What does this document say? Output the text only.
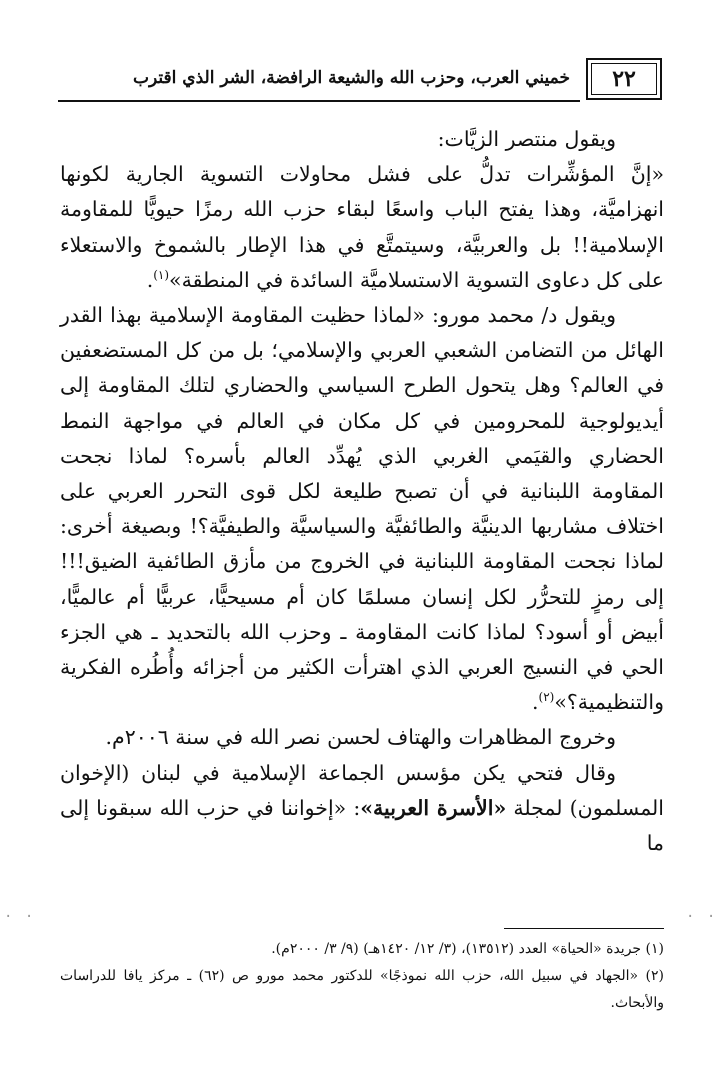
٢٢
خميني العرب، وحزب الله والشيعة الرافضة، الشر الذي اقترب

ويقول منتصر الزيَّات:

«إنَّ المؤشِّرات تدلُّ على فشل محاولات التسوية الجارية لكونها انهزاميَّة، وهذا يفتح الباب واسعًا لبقاء حزب الله رمزًا حيويًّا للمقاومة الإسلامية!! بل والعربيَّة، وسيتمتَّع في هذا الإطار بالشموخ والاستعلاء على كل دعاوى التسوية الاستسلاميَّة السائدة في المنطقة»$^{(١)}$.

ويقول د/ محمد مورو: «لماذا حظيت المقاومة الإسلامية بهذا القدر الهائل من التضامن الشعبي العربي والإسلامي؛ بل من كل المستضعفين في العالم؟ وهل يتحول الطرح السياسي والحضاري لتلك المقاومة إلى أيديولوجية للمحرومين في كل مكان في العالم في مواجهة النمط الحضاري والقيَمي الغربي الذي يُهدِّد العالم بأسره؟ لماذا نجحت المقاومة اللبنانية في أن تصبح طليعة لكل قوى التحرر العربي على اختلاف مشاربها الدينيَّة والطائفيَّة والسياسيَّة والطيفيَّة؟! وبصيغة أخرى: لماذا نجحت المقاومة اللبنانية في الخروج من مأزق الطائفية الضيق!!! إلى رمزٍ للتحرُّر لكل إنسان مسلمًا كان أم مسيحيًّا، عربيًّا أم عالميًّا، أبيض أو أسود؟ لماذا كانت المقاومة ـ وحزب الله بالتحديد ـ هي الجزء الحي في النسيج العربي الذي اهترأت الكثير من أجزائه وأُطُره الفكرية والتنظيمية؟»$^{(٢)}$.

وخروج المظاهرات والهتاف لحسن نصر الله في سنة ٢٠٠٦م.

وقال فتحي يكن مؤسس الجماعة الإسلامية في لبنان (الإخوان المسلمون) لمجلة «الأسرة العربية»: «إخواننا في حزب الله سبقونا إلى ما

(١) جريدة «الحياة» العدد (١٣٥١٢)، (٣/ ١٢/ ١٤٢٠هـ) (٩/ ٣/ ٢٠٠٠م).

(٢) «الجهاد في سبيل الله، حزب الله نموذجًا» للدكتور محمد مورو ص (٦٢) ـ مركز يافا للدراسات والأبحاث.

. .	. .
